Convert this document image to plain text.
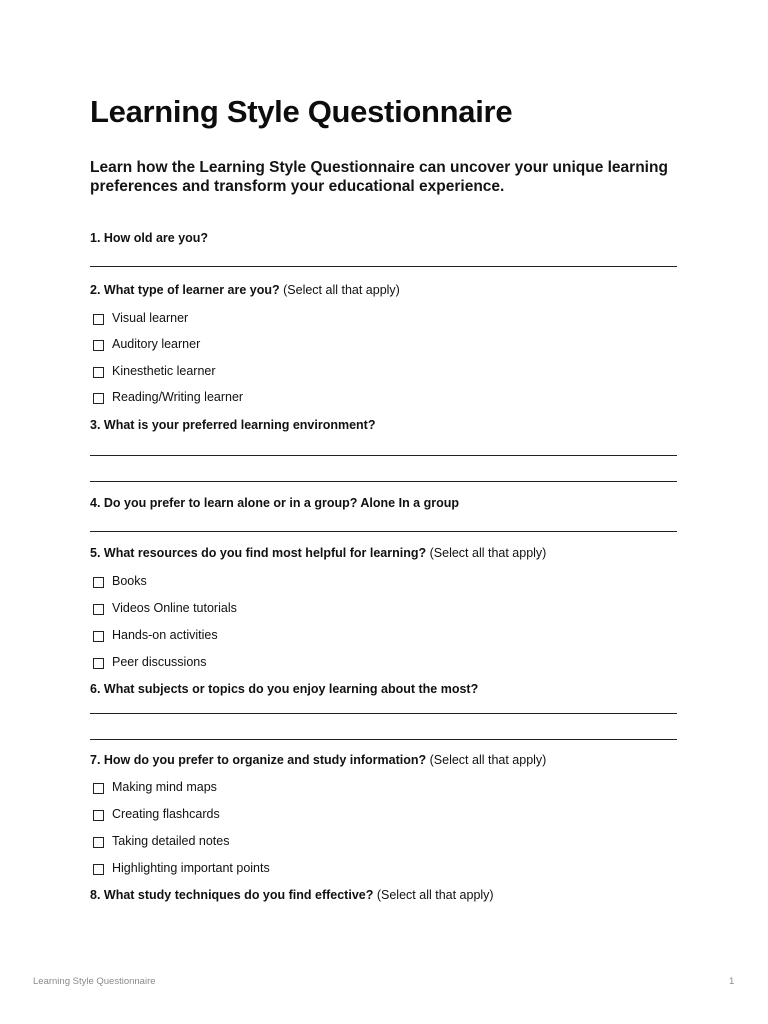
Learning Style Questionnaire

Learn how the Learning Style Questionnaire can uncover your unique learning preferences and transform your educational experience.

1. How old are you?

2. What type of learner are you? (Select all that apply)

Visual learner
Auditory learner
Kinesthetic learner
Reading/Writing learner

3. What is your preferred learning environment?

4. Do you prefer to learn alone or in a group? Alone In a group

5. What resources do you find most helpful for learning? (Select all that apply)

Books
Videos Online tutorials
Hands-on activities
Peer discussions

6. What subjects or topics do you enjoy learning about the most?

7. How do you prefer to organize and study information? (Select all that apply)

Making mind maps
Creating flashcards
Taking detailed notes
Highlighting important points

8. What study techniques do you find effective? (Select all that apply)

Learning Style Questionnaire	1
